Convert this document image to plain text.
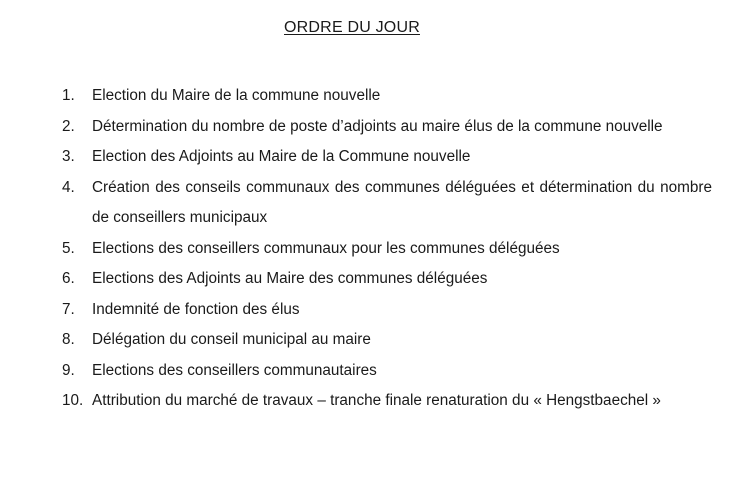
ORDRE DU JOUR
1.	Election du Maire de la commune nouvelle
2.	Détermination du nombre de poste d’adjoints au maire élus de la commune nouvelle
3.	Election des Adjoints au Maire de la Commune nouvelle
4.	Création des conseils communaux des communes déléguées et détermination du nombre de conseillers municipaux
5.	Elections des conseillers communaux pour les communes déléguées
6.	Elections des Adjoints au Maire des communes déléguées
7.	Indemnité de fonction des élus
8.	Délégation du conseil municipal au maire
9.	Elections des conseillers communautaires
10. Attribution du marché de travaux – tranche finale renaturation du « Hengstbaechel »
